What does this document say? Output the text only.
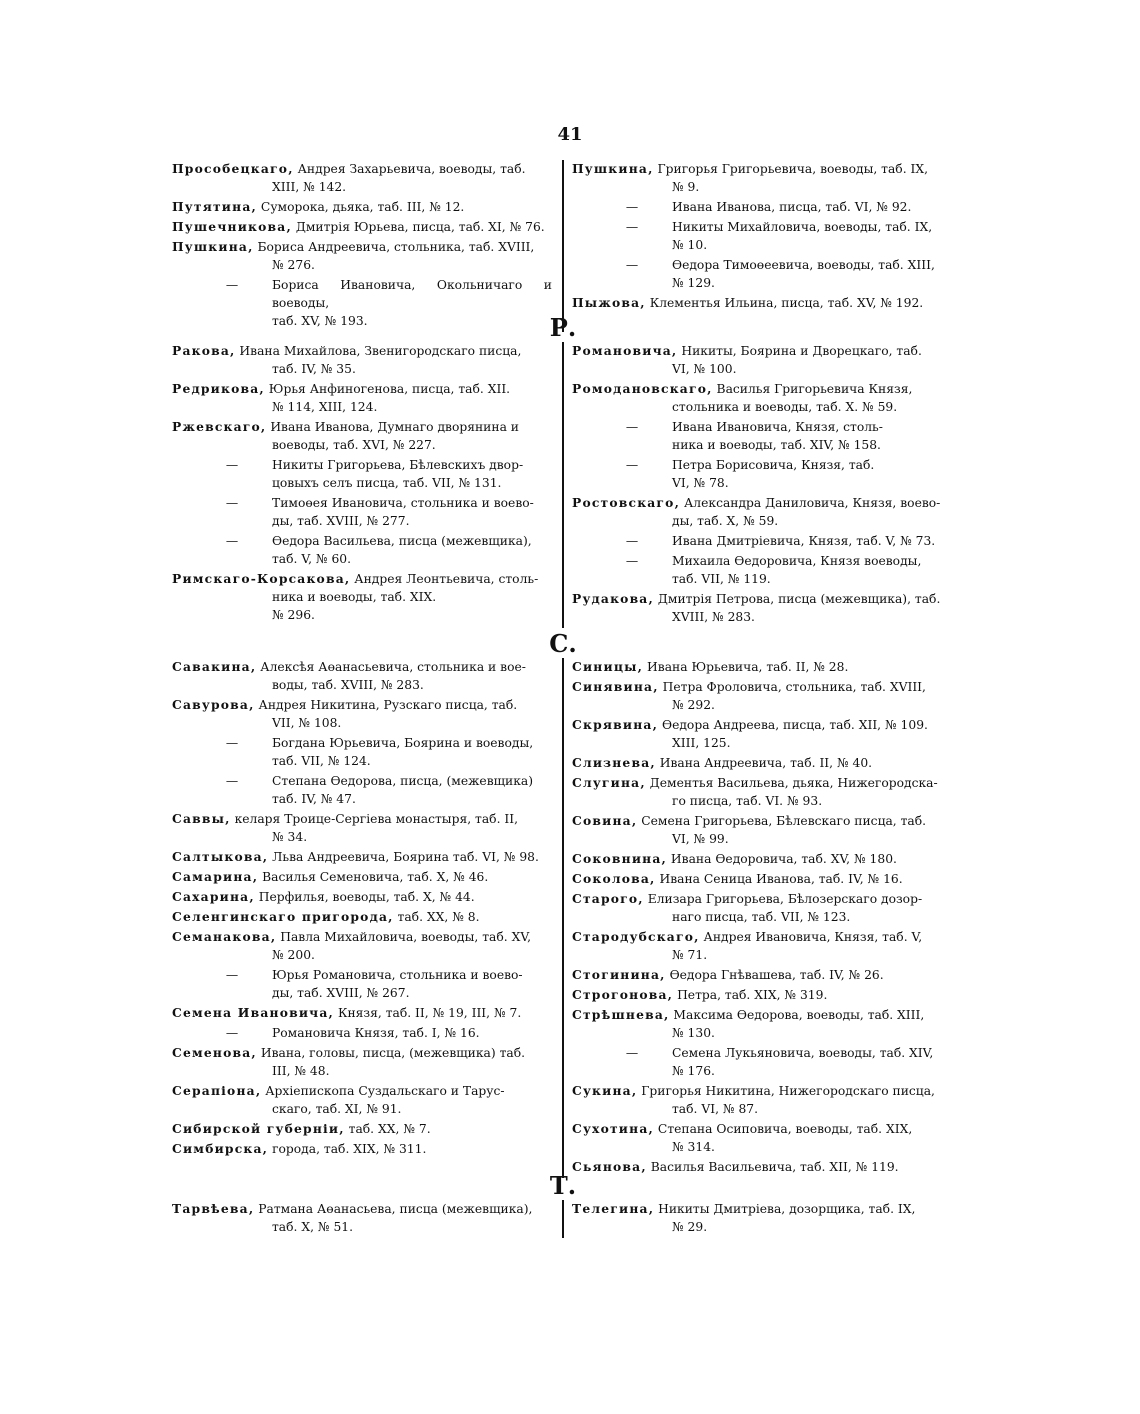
41
Прособецкаго, Андрея Захарьевича, воеводы, таб.
XIII, № 142.
Путятина, Суморока, дьяка, таб. III, № 12.
Пушечникова, Дмитрія Юрьева, писца, таб. XI, № 76.
Пушкина, Бориса Андреевича, стольника, таб. XVIII,
№ 276.
—	Бориса Ивановича, Окольничаго и воеводы,
таб. XV, № 193.
Пушкина, Григорья Григорьевича, воеводы, таб. IX,
№ 9.
—	Ивана Иванова, писца, таб. VI, № 92.
—	Никиты Михайловича, воеводы, таб. IX,
№ 10.
—	Өедора Тимоөеевича, воеводы, таб. XIII,
№ 129.
Пыжова, Клементья Ильина, писца, таб. XV, № 192.
Р.
Ракова, Ивана Михайлова, Звенигородскаго писца,
таб. IV, № 35.
Редрикова, Юрья Анфиногенова, писца, таб. XII.
№ 114, XIII, 124.
Ржевскаго, Ивана Иванова, Думнаго дворянина и
воеводы, таб. XVI, № 227.
—	Никиты Григорьева, Бѣлевскихъ двор-
цовыхъ селъ писца, таб. VII, № 131.
—	Тимоөея Ивановича, стольника и воево-
ды, таб. XVIII, № 277.
—	Өедора Васильева, писца (межевщика),
таб. V, № 60.
Римскаго-Корсакова, Андрея Леонтьевича, столь-
ника и воеводы, таб. XIX.
№ 296.
Романовича, Никиты, Боярина и Дворецкаго, таб.
VI, № 100.
Ромодановскаго, Василья Григорьевича Князя,
стольника и воеводы, таб. X. № 59.
—	Ивана Ивановича, Князя, столь-
ника и воеводы, таб. XIV, № 158.
—	Петра Борисовича, Князя, таб.
VI, № 78.
Ростовскаго, Александра Даниловича, Князя, воево-
ды, таб. X, № 59.
—	Ивана Дмитріевича, Князя, таб. V, № 73.
—	Михаила Өедоровича, Князя воеводы,
таб. VII, № 119.
Рудакова, Дмитрія Петрова, писца (межевщика), таб.
XVIII, № 283.
С.
Савакина, Алексѣя Аөанасьевича, стольника и вое-
воды, таб. XVIII, № 283.
Савурова, Андрея Никитина, Рузскаго писца, таб.
VII, № 108.
—	Богдана Юрьевича, Боярина и воеводы,
таб. VII, № 124.
—	Степана Өедорова, писца, (межевщика)
таб. IV, № 47.
Саввы, келаря Троице-Сергіева монастыря, таб. II,
№ 34.
Салтыкова, Льва Андреевича, Боярина таб. VI, № 98.
Самарина, Василья Семеновича, таб. X, № 46.
Сахарина, Перфилья, воеводы, таб. X, № 44.
Селенгинскаго пригорода, таб. XX, № 8.
Семанакова, Павла Михайловича, воеводы, таб. XV,
№ 200.
—	Юрья Романовича, стольника и воево-
ды, таб. XVIII, № 267.
Семена Ивановича, Князя, таб. II, № 19, III, № 7.
—	Романовича Князя, таб. I, № 16.
Семенова, Ивана, головы, писца, (межевщика) таб.
III, № 48.
Серапіона, Архіепископа Суздальскаго и Тарус-
скаго, таб. XI, № 91.
Сибирской губерніи, таб. XX, № 7.
Симбирска, города, таб. XIX, № 311.
Синицы, Ивана Юрьевича, таб. II, № 28.
Синявина, Петра Фроловича, стольника, таб. XVIII,
№ 292.
Скрявина, Өедора Андреева, писца, таб. XII, № 109.
XIII, 125.
Слизнева, Ивана Андреевича, таб. II, № 40.
Слугина, Дементья Васильева, дьяка, Нижегородска-
го писца, таб. VI. № 93.
Совина, Семена Григорьева, Бѣлевскаго писца, таб.
VI, № 99.
Соковнина, Ивана Өедоровича, таб. XV, № 180.
Соколова, Ивана Сеница Иванова, таб. IV, № 16.
Старого, Елизара Григорьева, Бѣлозерскаго дозор-
наго писца, таб. VII, № 123.
Стародубскаго, Андрея Ивановича, Князя, таб. V,
№ 71.
Стогинина, Өедора Гнѣвашева, таб. IV, № 26.
Строгонова, Петра, таб. XIX, № 319.
Стрѣшнева, Максима Өедорова, воеводы, таб. XIII,
№ 130.
—	Семена Лукьяновича, воеводы, таб. XIV,
№ 176.
Сукина, Григорья Никитина, Нижегородскаго писца,
таб. VI, № 87.
Сухотина, Степана Осиповича, воеводы, таб. XIX,
№ 314.
Сьянова, Василья Васильевича, таб. XII, № 119.
Т.
Тарвѣева, Ратмана Аөанасьева, писца (межевщика),
таб. X, № 51.
Телегина, Никиты Дмитріева, дозорщика, таб. IX,
№ 29.
